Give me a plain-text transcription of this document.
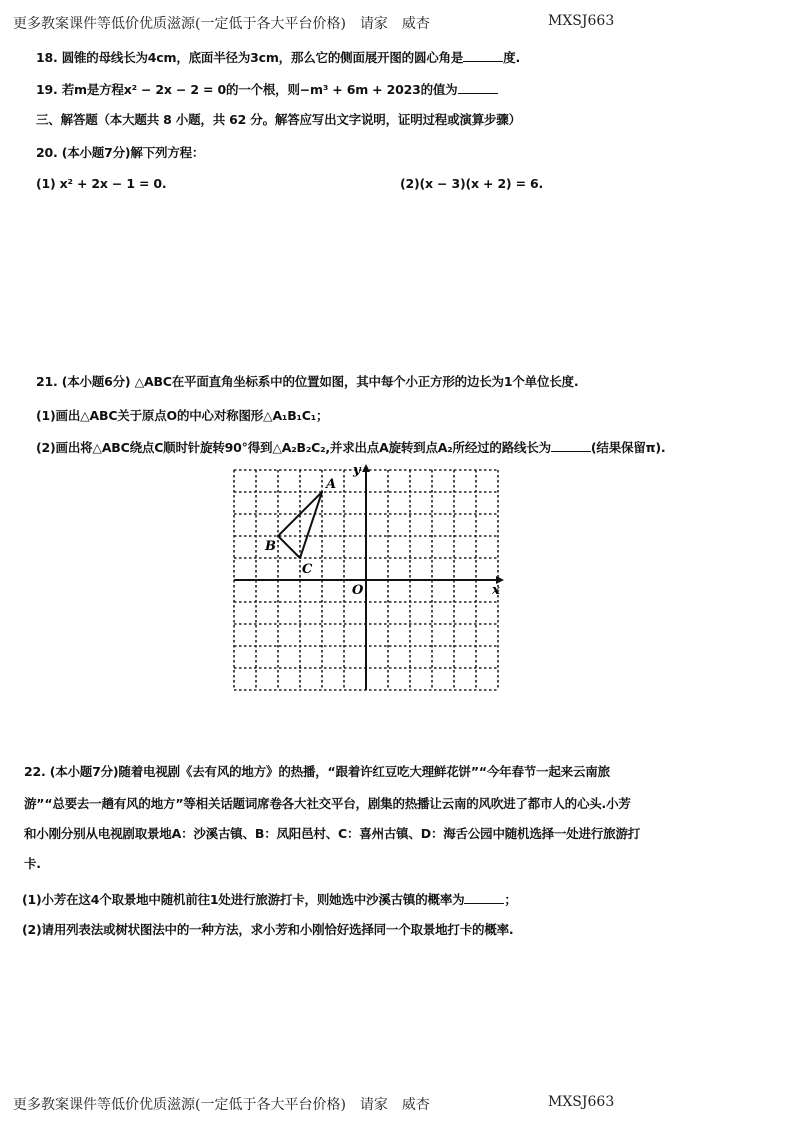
更多教案课件等低价优质滋源(一定低于各大平台价格)　请家　威杏	MXSJ663
18. 圆锥的母线长为4cm，底面半径为3cm，那么它的侧面展开图的圆心角是	度.
19. 若m是方程x² − 2x − 2 = 0的一个根，则−m³ + 6m + 2023的值为
三、解答题（本大题共 8 小题，共 62 分。解答应写出文字说明，证明过程或演算步骤）
20. (本小题7分)解下列方程：
(1) x² + 2x − 1 = 0.	(2)(x − 3)(x + 2) = 6.
21. (本小题6分) △ABC在平面直角坐标系中的位置如图，其中每个小正方形的边长为1个单位长度.
(1)画出△ABC关于原点O的中心对称图形△A₁B₁C₁；
(2)画出将△ABC绕点C顺时针旋转90°得到△A₂B₂C₂,并求出点A旋转到点A₂所经过的路线长为	(结果保留π).
x
y
O
A
B
C
22. (本小题7分)随着电视剧《去有风的地方》的热播，“跟着许红豆吃大理鲜花饼”“今年春节一起来云南旅
游”“总要去一趟有风的地方”等相关话题词席卷各大社交平台，剧集的热播让云南的风吹进了都市人的心头.小芳
和小刚分别从电视剧取景地A：沙溪古镇、B：凤阳邑村、C：喜州古镇、D：海舌公园中随机选择一处进行旅游打
卡.
(1)小芳在这4个取景地中随机前往1处进行旅游打卡，则她选中沙溪古镇的概率为	；
(2)请用列表法或树状图法中的一种方法，求小芳和小刚恰好选择同一个取景地打卡的概率.
更多教案课件等低价优质滋源(一定低于各大平台价格)　请家　威杏	MXSJ663
